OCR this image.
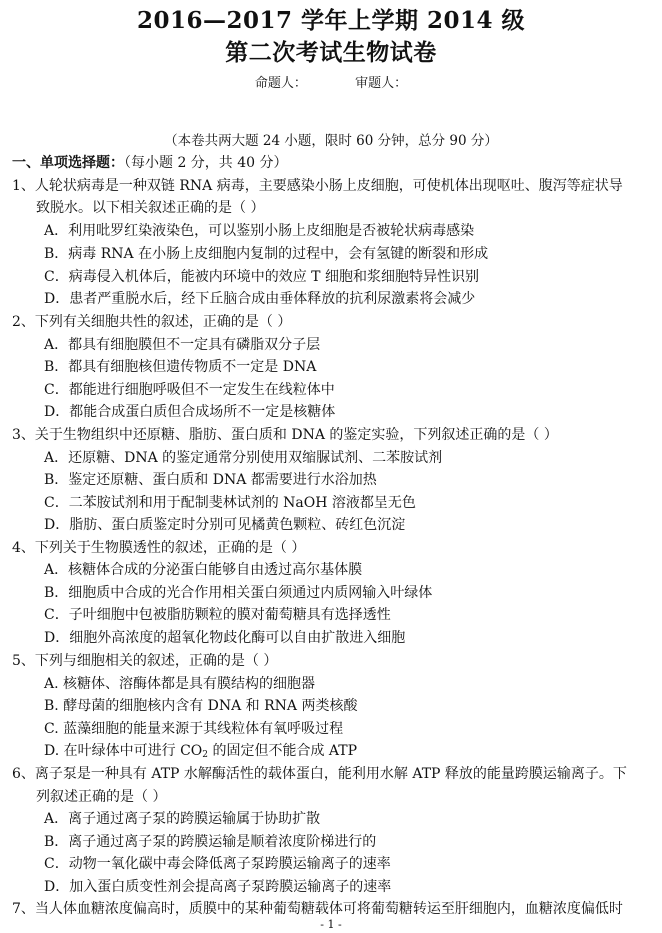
2016—2017 学年上学期 2014 级
第二次考试生物试卷
命题人：	审题人：
（本卷共两大题 24 小题，限时 60 分钟，总分 90 分）
一、单项选择题：（每小题 2 分，共 40 分）
1、人轮状病毒是一种双链 RNA 病毒，主要感染小肠上皮细胞，可使机体出现呕吐、腹泻等症状导
致脱水。以下相关叙述正确的是（ ）
A．利用吡罗红染液染色，可以鉴别小肠上皮细胞是否被轮状病毒感染
B．病毒 RNA 在小肠上皮细胞内复制的过程中，会有氢键的断裂和形成
C．病毒侵入机体后，能被内环境中的效应 T 细胞和浆细胞特异性识别
D．患者严重脱水后，经下丘脑合成由垂体释放的抗利尿激素将会减少
2、下列有关细胞共性的叙述，正确的是（ ）
A．都具有细胞膜但不一定具有磷脂双分子层
B．都具有细胞核但遗传物质不一定是 DNA
C．都能进行细胞呼吸但不一定发生在线粒体中
D．都能合成蛋白质但合成场所不一定是核糖体
3、关于生物组织中还原糖、脂肪、蛋白质和 DNA 的鉴定实验，下列叙述正确的是（ ）
A．还原糖、DNA 的鉴定通常分别使用双缩脲试剂、二苯胺试剂
B．鉴定还原糖、蛋白质和 DNA 都需要进行水浴加热
C．二苯胺试剂和用于配制斐林试剂的 NaOH 溶液都呈无色
D．脂肪、蛋白质鉴定时分别可见橘黄色颗粒、砖红色沉淀
4、下列关于生物膜透性的叙述，正确的是（ ）
A．核糖体合成的分泌蛋白能够自由透过高尔基体膜
B．细胞质中合成的光合作用相关蛋白须通过内质网输入叶绿体
C．子叶细胞中包被脂肪颗粒的膜对葡萄糖具有选择透性
D．细胞外高浓度的超氧化物歧化酶可以自由扩散进入细胞
5、下列与细胞相关的叙述，正确的是（ ）
A. 核糖体、溶酶体都是具有膜结构的细胞器
B. 酵母菌的细胞核内含有 DNA 和 RNA 两类核酸
C. 蓝藻细胞的能量来源于其线粒体有氧呼吸过程
D. 在叶绿体中可进行 $CO_2$ 的固定但不能合成 ATP
6、离子泵是一种具有 ATP 水解酶活性的载体蛋白，能利用水解 ATP 释放的能量跨膜运输离子。下
列叙述正确的是（ ）
A．离子通过离子泵的跨膜运输属于协助扩散
B．离子通过离子泵的跨膜运输是顺着浓度阶梯进行的
C．动物一氧化碳中毒会降低离子泵跨膜运输离子的速率
D．加入蛋白质变性剂会提高离子泵跨膜运输离子的速率
7、当人体血糖浓度偏高时，质膜中的某种葡萄糖载体可将葡萄糖转运至肝细胞内，血糖浓度偏低时
- 1 -
